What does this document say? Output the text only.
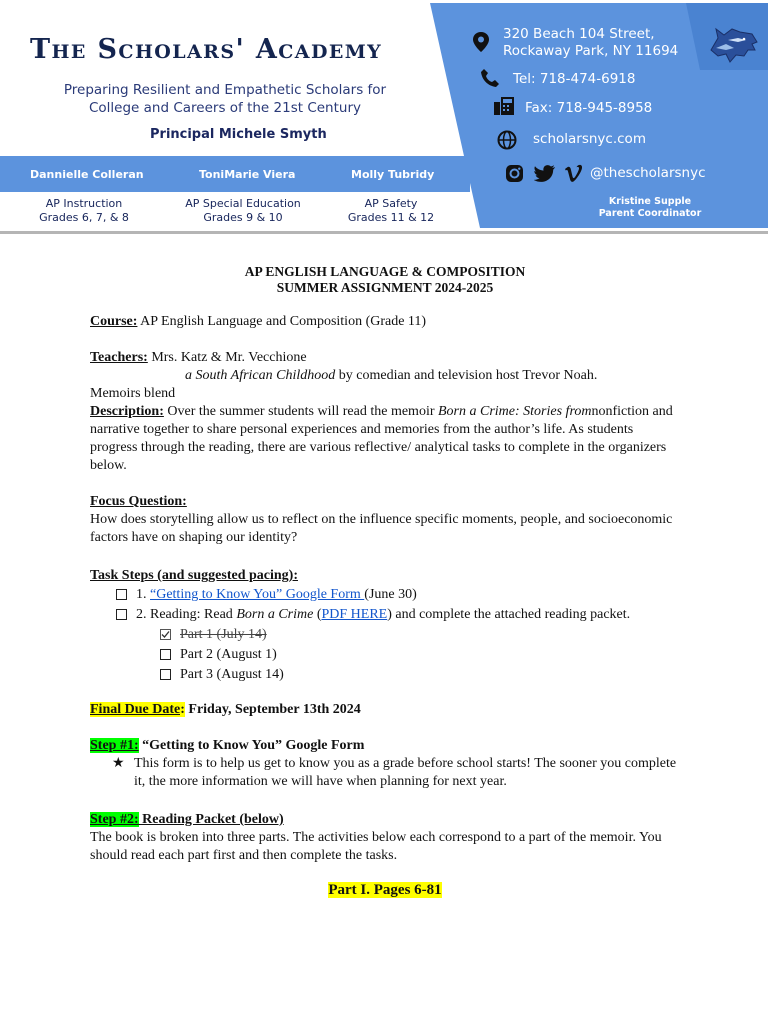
The Scholars' Academy
Preparing Resilient and Empathetic Scholars for College and Careers of the 21st Century
Principal Michele Smyth
Dannielle Colleran	ToniMarie Viera	Molly Tubridy
AP Instruction
Grades 6, 7, & 8
AP Special Education
Grades 9 & 10
AP Safety
Grades 11 & 12
320 Beach 104 Street,
Rockaway Park, NY 11694
Tel: 718-474-6918
Fax: 718-945-8958
scholarsnyc.com
@thescholarsnyc
Kristine Supple
Parent Coordinator
AP ENGLISH LANGUAGE & COMPOSITION
SUMMER ASSIGNMENT 2024-2025

Course: AP English Language and Composition (Grade 11)

Teachers: Mrs. Katz & Mr. Vecchione

a South African Childhood by comedian and television host Trevor Noah.

Memoirs blend

Description: Over the summer students will read the memoir Born a Crime: Stories fromnonfiction and narrative together to share personal experiences and memories from the author’s life. As students progress through the reading, there are various reflective/ analytical tasks to complete in the organizers below.

Focus Question:

How does storytelling allow us to reflect on the influence specific moments, people, and socioeconomic factors have on shaping our identity?

Task Steps (and suggested pacing):

1. “Getting to Know You” Google Form (June 30)
2. Reading: Read Born a Crime (PDF HERE) and complete the attached reading packet.
Part 1 (July 14)
Part 2 (August 1)
Part 3 (August 14)

Final Due Date: Friday, September 13th 2024

Step #1: “Getting to Know You” Google Form

★ This form is to help us get to know you as a grade before school starts! The sooner you complete it, the more information we will have when planning for next year.

Step #2: Reading Packet (below)

The book is broken into three parts. The activities below each correspond to a part of the memoir. You should read each part first and then complete the tasks.

Part I. Pages 6-81
